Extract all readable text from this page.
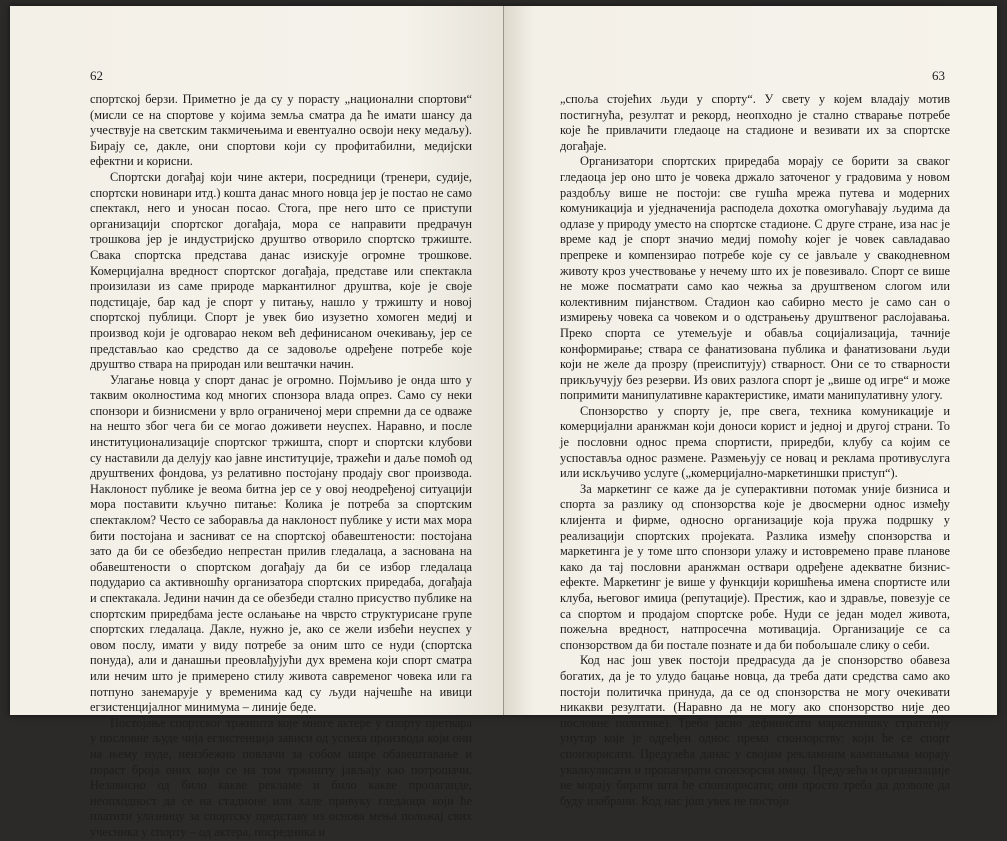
62

спортској берзи. Приметно је да су у порасту „национални спортови“ (мисли се на спортове у којима земља сматра да ће имати шансу да учествује на светским такмичењима и евентуално освоји неку медаљу). Бирају се, дакле, они спортови који су профитабилни, медијски ефектни и корисни.

Спортски догађај који чине актери, посредници (тренери, судије, спортски новинари итд.) кошта данас много новца јер је постао не само спектакл, него и уносан посао. Стога, пре него што се приступи организацији спортског догађаја, мора се направити предрачун трошкова јер је индустријско друштво отворило спортско тржиште. Свака спортска представа данас изискује огромне трошкове. Комерцијална вредност спортског догађаја, представе или спектакла произилази из саме природе маркантилног друштва, које је своје подстицаје, бар кад је спорт у питању, нашло у тржишту и новој спортској публици. Спорт је увек био изузетно хомоген медиј и производ који је одговарао неком већ дефинисаном очекивању, јер се представљао као средство да се задовоље одређене потребе које друштво ствара на природан или вештачки начин.

Улагање новца у спорт данас је огромно. Појмљиво је онда што у таквим околностима код многих спонзора влада опрез. Само су неки спонзори и бизнисмени у врло ограниченој мери спремни да се одваже на нешто због чега би се могао доживети неуспех. Наравно, и после институционализације спортског тржишта, спорт и спортски клубови су наставили да делују као јавне институције, тражећи и даље помоћ од друштвених фондова, уз релативно постојану продају свог производа. Наклоност публике је веома битна јер се у овој неодређеној ситуацији мора поставити кључно питање: Колика је потреба за спортским спектаклом? Често се заборавља да наклоност публике у исти мах мора бити постојана и засниват се на спортској обавештености: постојана зато да би се обезбедио непрестан прилив гледалаца, а заснована на обавештености о спортском догађају да би се избор гледалаца подударио са активношћу организатора спортских приредаба, догађаја и спектакала. Једини начин да се обезбеди стално присуство публике на спортским приредбама јесте ослањање на чврсто структурисане групе спортских гледалаца. Дакле, нужно је, ако се жели избећи неуспех у овом послу, имати у виду потребе за оним што се нуди (спортска понуда), али и данашњи преовлађујући дух времена који спорт сматра или нечим што је примерено стилу живота савременог човека или га потпуно занемарује у временима кад су људи најчешће на ивици егзистенцијалног минимума – линије беде.

Постојање спортског тржишта које многе актере у спорту претвара у пословне људе чија егзистенција зависи од успеха производа који они на њему нуде, неизбежно повлачи за собом шире обавештавање и пораст броја оних који се на том тржишту јављају као потрошачи. Независно од било какве рекламе и било какве пропаганде, неопходност да се на стадионе или хале привуку гледаоци који ће платити улазницу за спортску представу из основа мења положај свих учесника у спорту – од актера, посредника и

63

„споља стојећих људи у спорту“. У свету у којем владају мотив постигнућа, резултат и рекорд, неопходно је стално стварање потребе које ће привлачити гледаоце на стадионе и везивати их за спортске догађаје.

Организатори спортских приредаба морају се борити за сваког гледаоца јер оно што је човека држало заточеног у градовима у новом раздобљу више не постоји: све гушћа мрежа путева и модерних комуникација и уједначенија расподела дохотка омогућавају људима да одлазе у природу уместо на спортске стадионе. С друге стране, иза нас је време кад је спорт значио медиј помоћу којег је човек савладавао препреке и компензирао потребе које су се јављале у свакодневном животу кроз учествовање у нечему што их је повезивало. Спорт се више не може посматрати само као чежња за друштвеном слогом или колективним пијанством. Стадион као сабирно место је само сан о измирењу човека са човеком и о одстрањењу друштвеног раслојавања. Преко спорта се утемељује и обавља социјализација, тачније конформирање; ствара се фанатизована публика и фанатизовани људи који не желе да прозру (преиспитују) стварност. Они се то стварности прикључују без резерви. Из ових разлога спорт је „више од игре“ и може попримити манипулативне карактеристике, имати манипулативну улогу.

Спонзорство у спорту је, пре свега, техника комуникације и комерцијални аранжман који доноси корист и једној и другој страни. То је пословни однос према спортисти, приредби, клубу са којим се успоставља однос размене. Размењују се новац и реклама противуслуга или искључиво услуге („комерцијално-маркетиншки приступ“).

За маркетинг се каже да је суперактивни потомак уније бизниса и спорта за разлику од спонзорства које је двосмерни однос између клијента и фирме, односно организације која пружа подршку у реализацији спортских пројеката. Разлика између спонзорства и маркетинга је у томе што спонзори улажу и истовремено праве планове како да тај пословни аранжман оствари одређене адекватне бизнис-ефекте. Маркетинг је више у функцији коришћења имена спортисте или клуба, његовог имиџа (репутације). Престиж, као и здравље, повезује се са спортом и продајом спортске робе. Нуди се један модел живота, пожељна вредност, натпросечна мотивација. Организације се са спонзорством да би постале познате и да би побољшале слику о себи.

Код нас још увек постоји предрасуда да је спонзорство обавеза богатих, да је то улудо бацање новца, да треба дати средства само ако постоји политичка принуда, да се од спонзорства не могу очекивати никакви резултати. (Наравно да не могу ако спонзорство није део пословне политике). Треба јасно дефинисати маркетиншку стратегију унутар које је одређен однос према спонзорству: који ће се спорт спонзорисати. Предузећа данас у својим рекламним кампањама морају укалкулисати и пропагирати спонзорски имиџ. Предузећа и организације не морају бирати шта ће спонзорисати; они просто треба да дозволе да буду изабрани. Код нас још увек не постоји
